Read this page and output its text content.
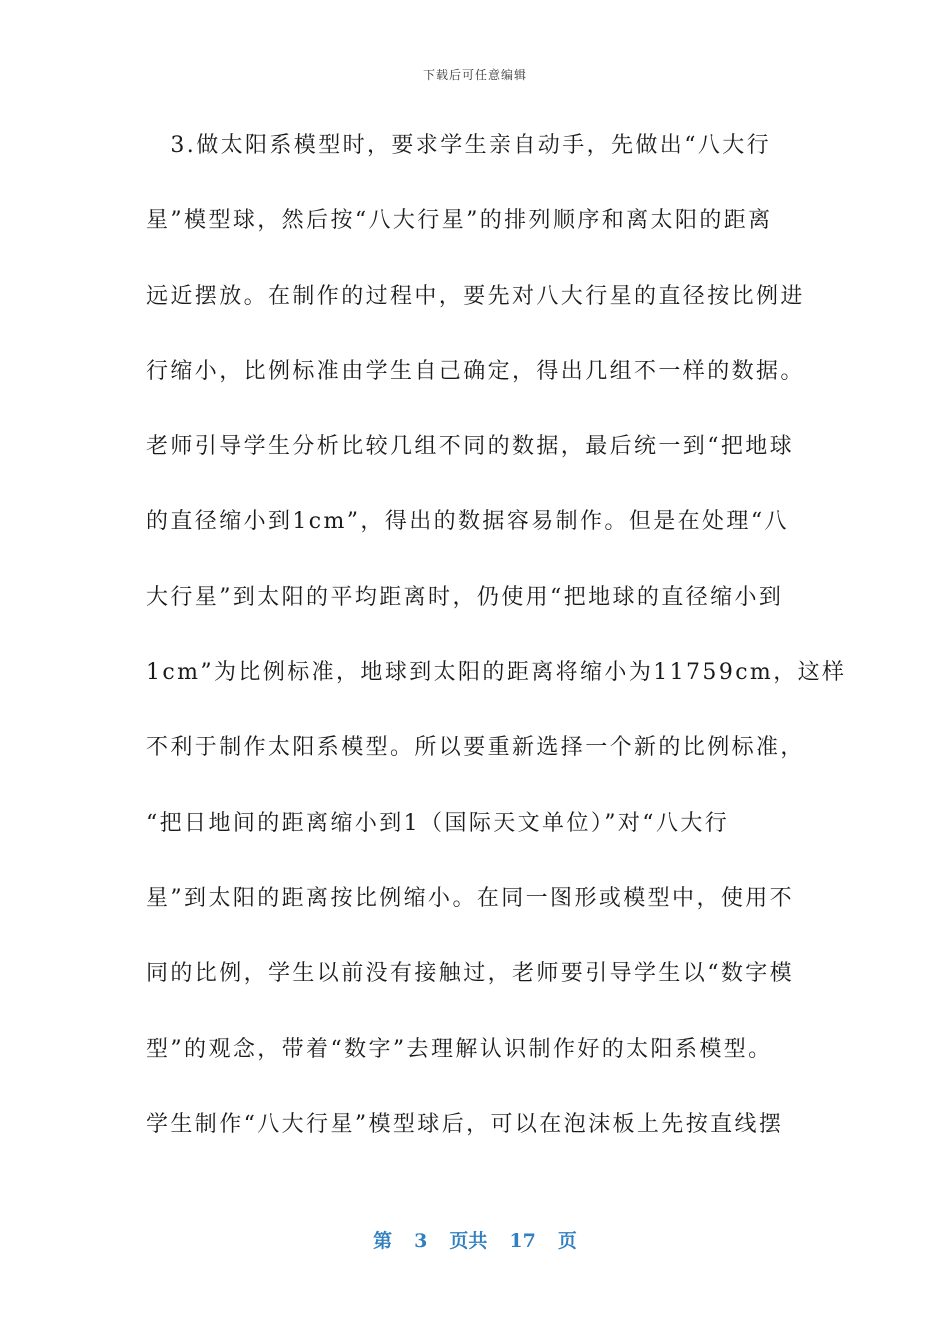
下载后可任意编辑
　3.做太阳系模型时，要求学生亲自动手，先做出“八大行
星”模型球，然后按“八大行星”的排列顺序和离太阳的距离
远近摆放。在制作的过程中，要先对八大行星的直径按比例进
行缩小，比例标准由学生自己确定，得出几组不一样的数据。
老师引导学生分析比较几组不同的数据，最后统一到“把地球
的直径缩小到1cm”，得出的数据容易制作。但是在处理“八
大行星”到太阳的平均距离时，仍使用“把地球的直径缩小到
1cm”为比例标准，地球到太阳的距离将缩小为11759cm，这样
不利于制作太阳系模型。所以要重新选择一个新的比例标准，
“把日地间的距离缩小到1（国际天文单位）”对“八大行
星”到太阳的距离按比例缩小。在同一图形或模型中，使用不
同的比例，学生以前没有接触过，老师要引导学生以“数字模
型”的观念，带着“数字”去理解认识制作好的太阳系模型。
学生制作“八大行星”模型球后，可以在泡沫板上先按直线摆
第 3 页共 17 页
